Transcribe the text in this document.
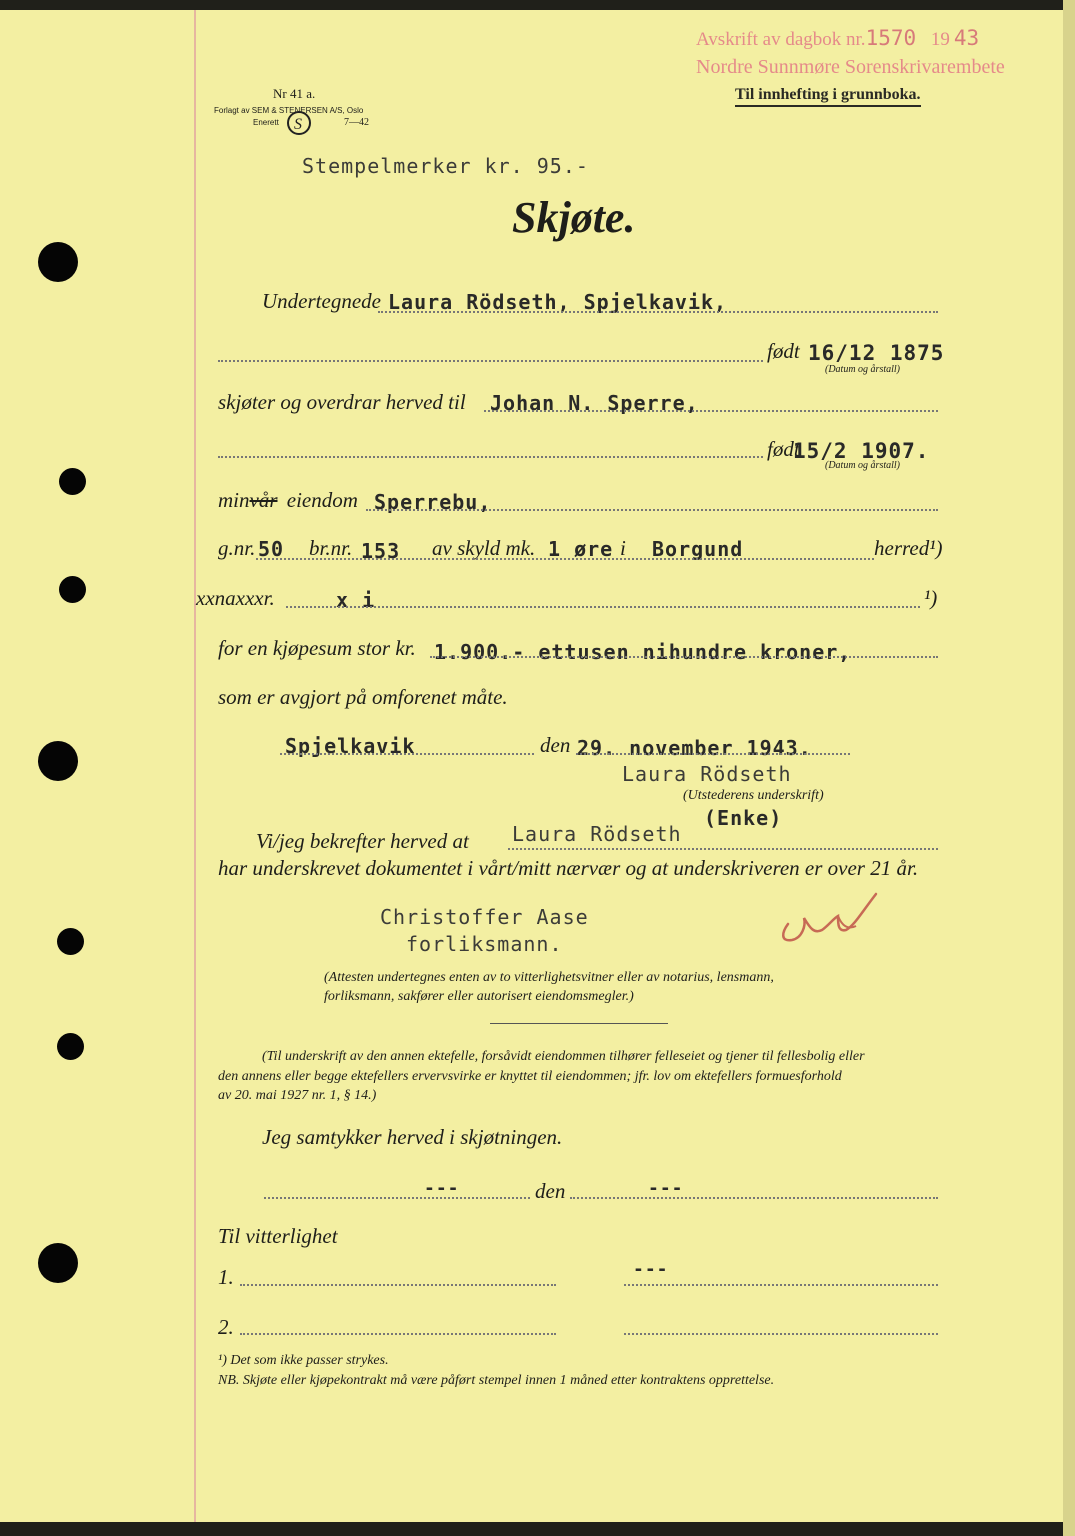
Avskrift av dagbok nr.1570 19 43
Nordre Sunnmøre Sorenskrivarembete
Til innhefting i grunnboka.
Nr 41 a.
Forlagt av SEM & STENERSEN A/S, Oslo
Enerett S	7—42
Stempelmerker kr. 95.-
Skjøte.
Undertegnede Laura Rödseth, Spjelkavik,
født 16/12 1875
(Datum og årstall)
skjøter og overdrar herved til Johan N. Sperre,
født
15/2 1907.
(Datum og årstall)
minvår eiendom Sperrebu,
g.nr. 50 br.nr. 153 av skyld mk. 1 øre i Borgund	herred¹)
xxnaxxxr.	x i	¹)
for en kjøpesum stor kr. 1.900.- ettusen nihundre kroner,
som er avgjort på omforenet måte.
Spjelkavik	den 29. november 1943.
Laura Rödseth
(Utstederens underskrift)
Vi/jeg bekrefter herved at Laura Rödseth
(Enke)
har underskrevet dokumentet i vårt/mitt nærvær og at underskriveren er over 21 år.
Christoffer Aase
forliksmann.
(Attesten undertegnes enten av to vitterlighetsvitner eller av notarius, lensmann,
forliksmann, sakfører eller autorisert eiendomsmegler.)
(Til underskrift av den annen ektefelle, forsåvidt eiendommen tilhører felleseiet og tjener til fellesbolig eller
den annens eller begge ektefellers ervervsvirke er knyttet til eiendommen; jfr. lov om ektefellers formuesforhold
av 20. mai 1927 nr. 1, § 14.)
Jeg samtykker herved i skjøtningen.
---	den	---
Til vitterlighet
1.	---
2.
¹) Det som ikke passer strykes.
NB. Skjøte eller kjøpekontrakt må være påført stempel innen 1 måned etter kontraktens opprettelse.
